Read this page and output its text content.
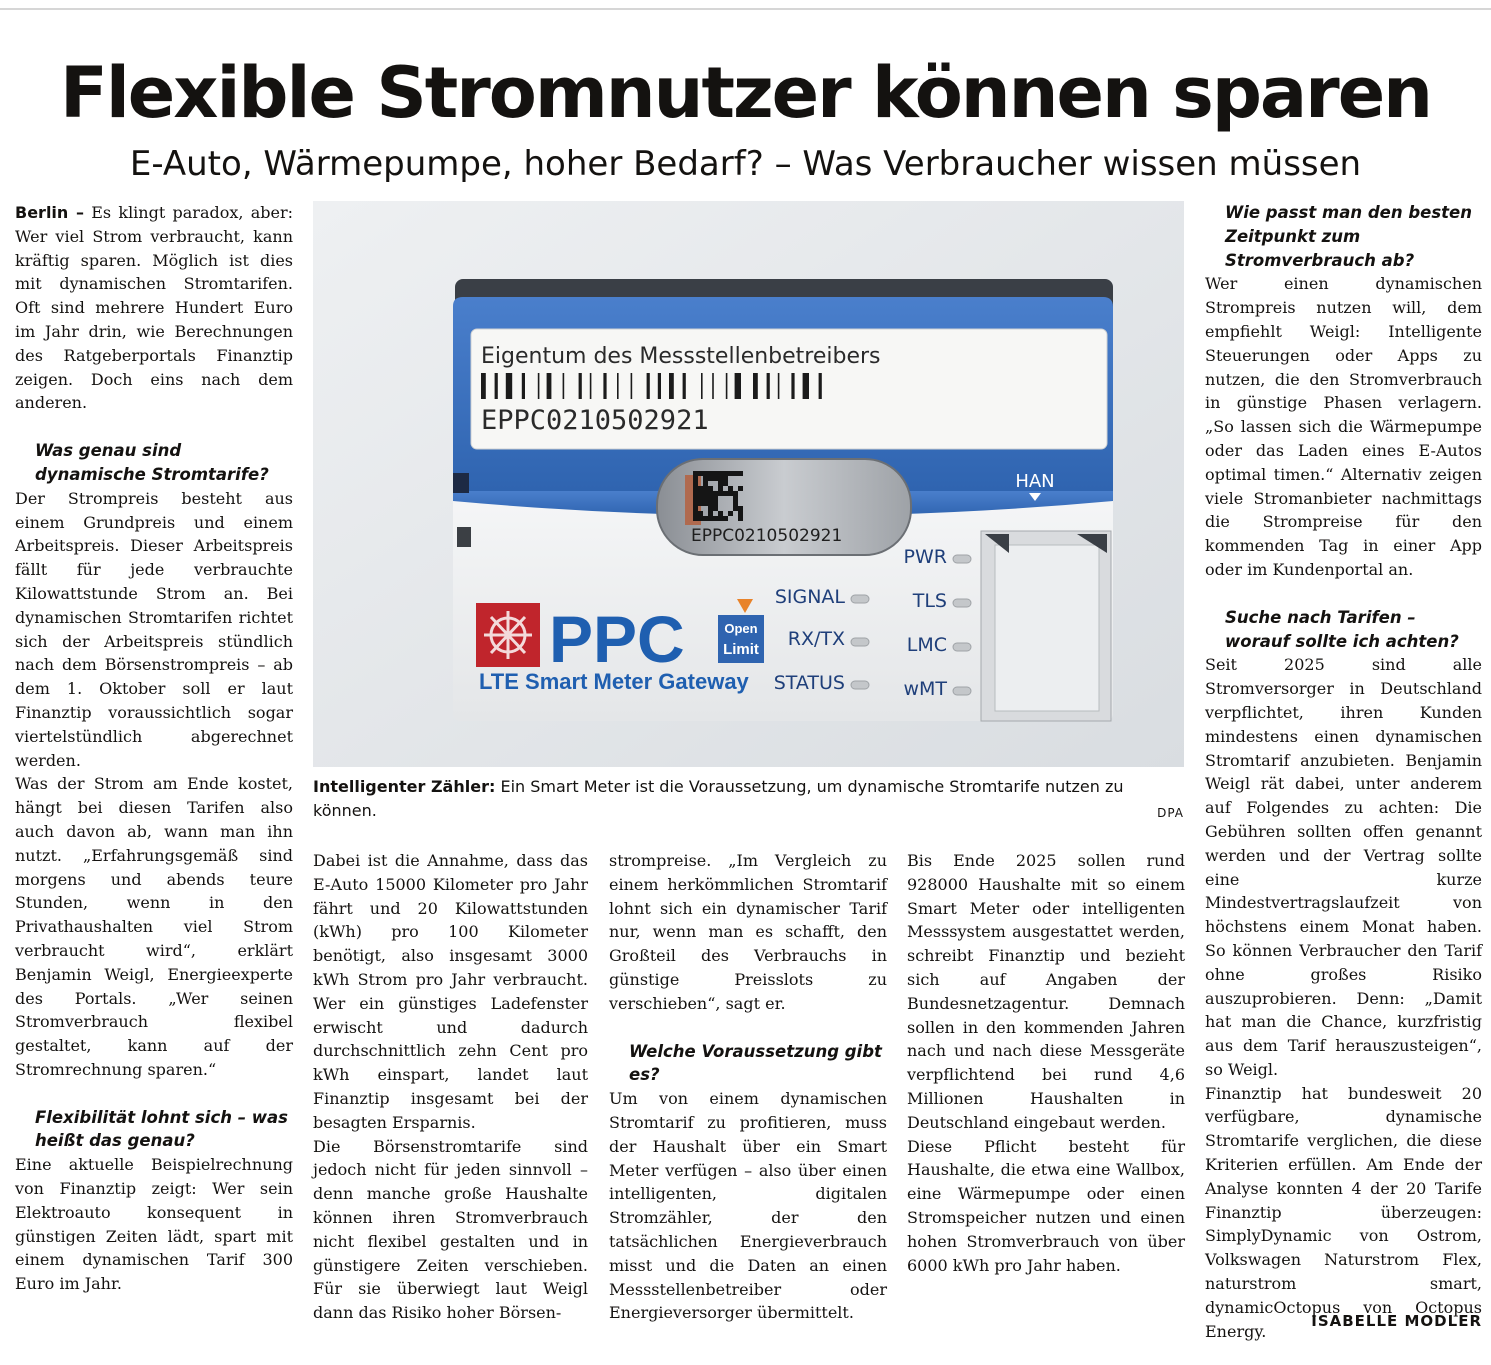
Flexible Stromnutzer können sparen
E-Auto, Wärmepumpe, hoher Bedarf? – Was Verbraucher wissen müssen

Berlin – Es klingt paradox, aber: Wer viel Strom verbraucht, kann kräftig sparen. Möglich ist dies mit dynamischen Stromtarifen. Oft sind mehrere Hundert Euro im Jahr drin, wie Berechnungen des Ratgeberportals Finanztip zeigen. Doch eins nach dem anderen.

Was genau sind dynamische Stromtarife?

Der Strompreis besteht aus einem Grundpreis und einem Arbeitspreis. Dieser Arbeitspreis fällt für jede verbrauchte Kilowattstunde Strom an. Bei dynamischen Stromtarifen richtet sich der Arbeitspreis stündlich nach dem Börsenstrompreis – ab dem 1. Oktober soll er laut Finanztip voraussichtlich sogar viertelstündlich abgerechnet werden.

Was der Strom am Ende kostet, hängt bei diesen Tarifen also auch davon ab, wann man ihn nutzt. „Erfahrungsgemäß sind morgens und abends teure Stunden, wenn in den Privathaushalten viel Strom verbraucht wird“, erklärt Benjamin Weigl, Energieexperte des Portals. „Wer seinen Stromverbrauch flexibel gestaltet, kann auf der Stromrechnung sparen.“

Flexibilität lohnt sich – was heißt das genau?

Eine aktuelle Beispielrechnung von Finanztip zeigt: Wer sein Elektroauto konsequent in günstigen Zeiten lädt, spart mit einem dynamischen Tarif 300 Euro im Jahr.

Eigentum des Messstellenbetreibers
EPPC0210502921
HAN
EPPC0210502921
PPC
LTE Smart Meter Gateway
Open
Limit
SIGNAL
RX/TX
STATUS
PWR
TLS
LMC
wMT
Intelligenter Zähler: Ein Smart Meter ist die Voraussetzung, um dynamische Stromtarife nutzen zu können.	DPA

Dabei ist die Annahme, dass das E-Auto 15000 Kilometer pro Jahr fährt und 20 Kilowattstunden (kWh) pro 100 Kilometer benötigt, also insgesamt 3000 kWh Strom pro Jahr verbraucht. Wer ein günstiges Ladefenster erwischt und dadurch durchschnittlich zehn Cent pro kWh einspart, landet laut Finanztip insgesamt bei der besagten Ersparnis.

Die Börsenstromtarife sind jedoch nicht für jeden sinnvoll – denn manche große Haushalte können ihren Stromverbrauch nicht flexibel gestalten und in günstigere Zeiten verschieben. Für sie überwiegt laut Weigl dann das Risiko hoher Börsen-

strompreise. „Im Vergleich zu einem herkömmlichen Stromtarif lohnt sich ein dynamischer Tarif nur, wenn man es schafft, den Großteil des Verbrauchs in günstige Preisslots zu verschieben“, sagt er.

Welche Voraussetzung gibt es?

Um von einem dynamischen Stromtarif zu profitieren, muss der Haushalt über ein Smart Meter verfügen – also über einen intelligenten, digitalen Stromzähler, der den tatsächlichen Energieverbrauch misst und die Daten an einen Messstellenbetreiber oder Energieversorger übermittelt.

Bis Ende 2025 sollen rund 928000 Haushalte mit so einem Smart Meter oder intelligenten Messsystem ausgestattet werden, schreibt Finanztip und bezieht sich auf Angaben der Bundesnetzagentur. Demnach sollen in den kommenden Jahren nach und nach diese Messgeräte verpflichtend bei rund 4,6 Millionen Haushalten in Deutschland eingebaut werden.

Diese Pflicht besteht für Haushalte, die etwa eine Wallbox, eine Wärmepumpe oder einen Stromspeicher nutzen und einen hohen Stromverbrauch von über 6000 kWh pro Jahr haben.

Wie passt man den besten Zeitpunkt zum Stromverbrauch ab?

Wer einen dynamischen Strompreis nutzen will, dem empfiehlt Weigl: Intelligente Steuerungen oder Apps zu nutzen, die den Stromverbrauch in günstige Phasen verlagern. „So lassen sich die Wärmepumpe oder das Laden eines E-Autos optimal timen.“ Alternativ zeigen viele Stromanbieter nachmittags die Strompreise für den kommenden Tag in einer App oder im Kundenportal an.

Suche nach Tarifen – worauf sollte ich achten?

Seit 2025 sind alle Stromversorger in Deutschland verpflichtet, ihren Kunden mindestens einen dynamischen Stromtarif anzubieten. Benjamin Weigl rät dabei, unter anderem auf Folgendes zu achten: Die Gebühren sollten offen genannt werden und der Vertrag sollte eine kurze Mindestvertragslaufzeit von höchstens einem Monat haben. So können Verbraucher den Tarif ohne großes Risiko auszuprobieren. Denn: „Damit hat man die Chance, kurzfristig aus dem Tarif herauszusteigen“, so Weigl.

Finanztip hat bundesweit 20 verfügbare, dynamische Stromtarife verglichen, die diese Kriterien erfüllen. Am Ende der Analyse konnten 4 der 20 Tarife Finanztip überzeugen: SimplyDynamic von Ostrom, Volkswagen Naturstrom Flex, naturstrom smart, dynamicOctopus von Octopus Energy.

ISABELLE MODLER
